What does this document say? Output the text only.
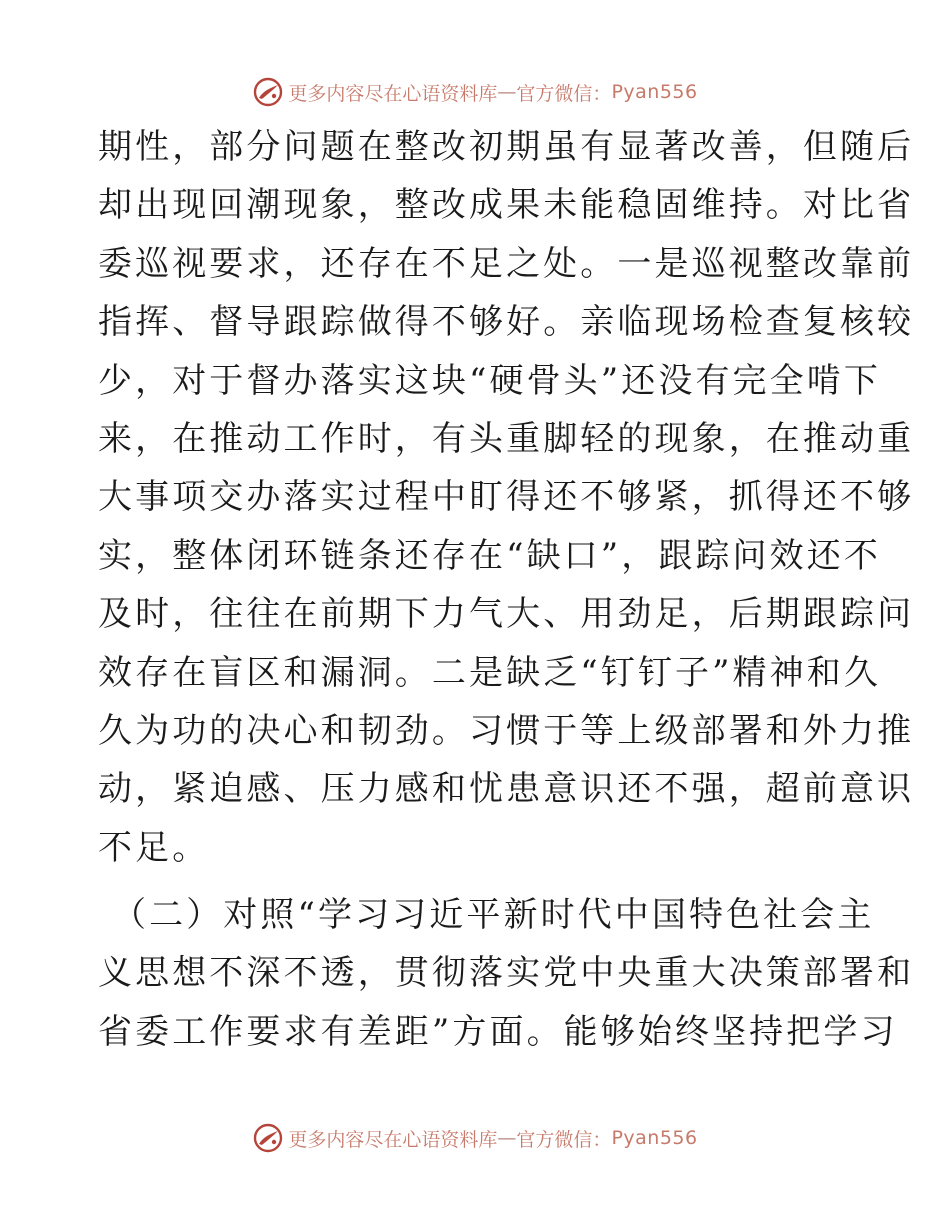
更多内容尽在心语资料库 — 官方微信： Pyan556
期性，部分问题在整改初期虽有显著改善，但随后
却出现回潮现象，整改成果未能稳固维持。对比省
委巡视要求，还存在不足之处。一是巡视整改靠前
指挥、督导跟踪做得不够好。亲临现场检查复核较
少，对于督办落实这块“硬骨头”还没有完全啃下
来，在推动工作时，有头重脚轻的现象，在推动重
大事项交办落实过程中盯得还不够紧，抓得还不够
实，整体闭环链条还存在“缺口”，跟踪问效还不
及时，往往在前期下力气大、用劲足，后期跟踪问
效存在盲区和漏洞。二是缺乏“钉钉子”精神和久
久为功的决心和韧劲。习惯于等上级部署和外力推
动，紧迫感、压力感和忧患意识还不强，超前意识
不足。
（二）对照“学习习近平新时代中国特色社会主
义思想不深不透，贯彻落实党中央重大决策部署和
省委工作要求有差距”方面。能够始终坚持把学习
更多内容尽在心语资料库 — 官方微信： Pyan556
